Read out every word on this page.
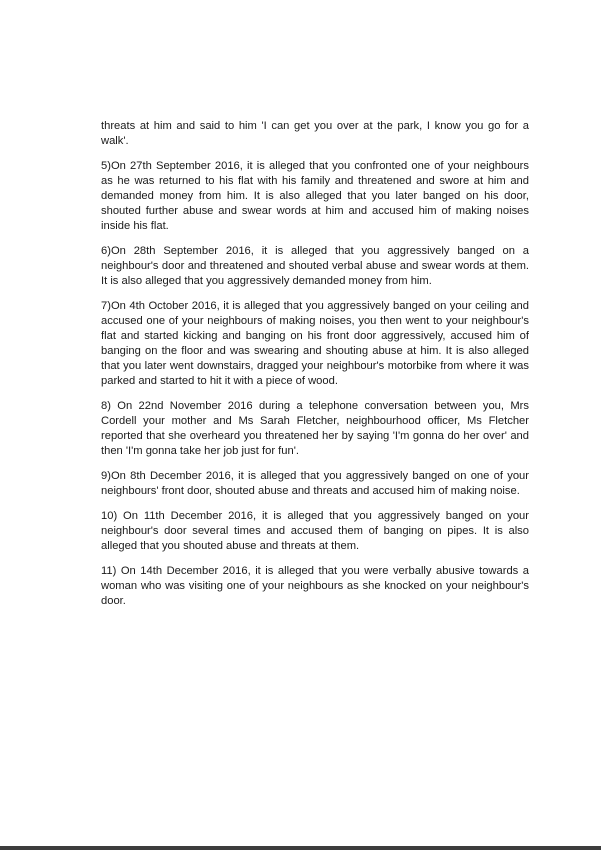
threats at him and said to him 'I can get you over at the park, I know you go for a walk'.

5)On 27th September 2016, it is alleged that you confronted one of your neighbours as he was returned to his flat with his family and threatened and swore at him and demanded money from him. It is also alleged that you later banged on his door, shouted further abuse and swear words at him and accused him of making noises inside his flat.

6)On 28th September 2016, it is alleged that you aggressively banged on a neighbour's door and threatened and shouted verbal abuse and swear words at them. It is also alleged that you aggressively demanded money from him.

7)On 4th October 2016, it is alleged that you aggressively banged on your ceiling and accused one of your neighbours of making noises, you then went to your neighbour's flat and started kicking and banging on his front door aggressively, accused him of banging on the floor and was swearing and shouting abuse at him. It is also alleged that you later went downstairs, dragged your neighbour's motorbike from where it was parked and started to hit it with a piece of wood.

8) On 22nd November 2016 during a telephone conversation between you, Mrs Cordell your mother and Ms Sarah Fletcher, neighbourhood officer, Ms Fletcher reported that she overheard you threatened her by saying 'I'm gonna do her over' and then 'I'm gonna take her job just for fun'.

9)On 8th December 2016, it is alleged that you aggressively banged on one of your neighbours' front door, shouted abuse and threats and accused him of making noise.

10) On 11th December 2016, it is alleged that you aggressively banged on your neighbour's door several times and accused them of banging on pipes. It is also alleged that you shouted abuse and threats at them.

11) On 14th December 2016, it is alleged that you were verbally abusive towards a woman who was visiting one of your neighbours as she knocked on your neighbour's door.
